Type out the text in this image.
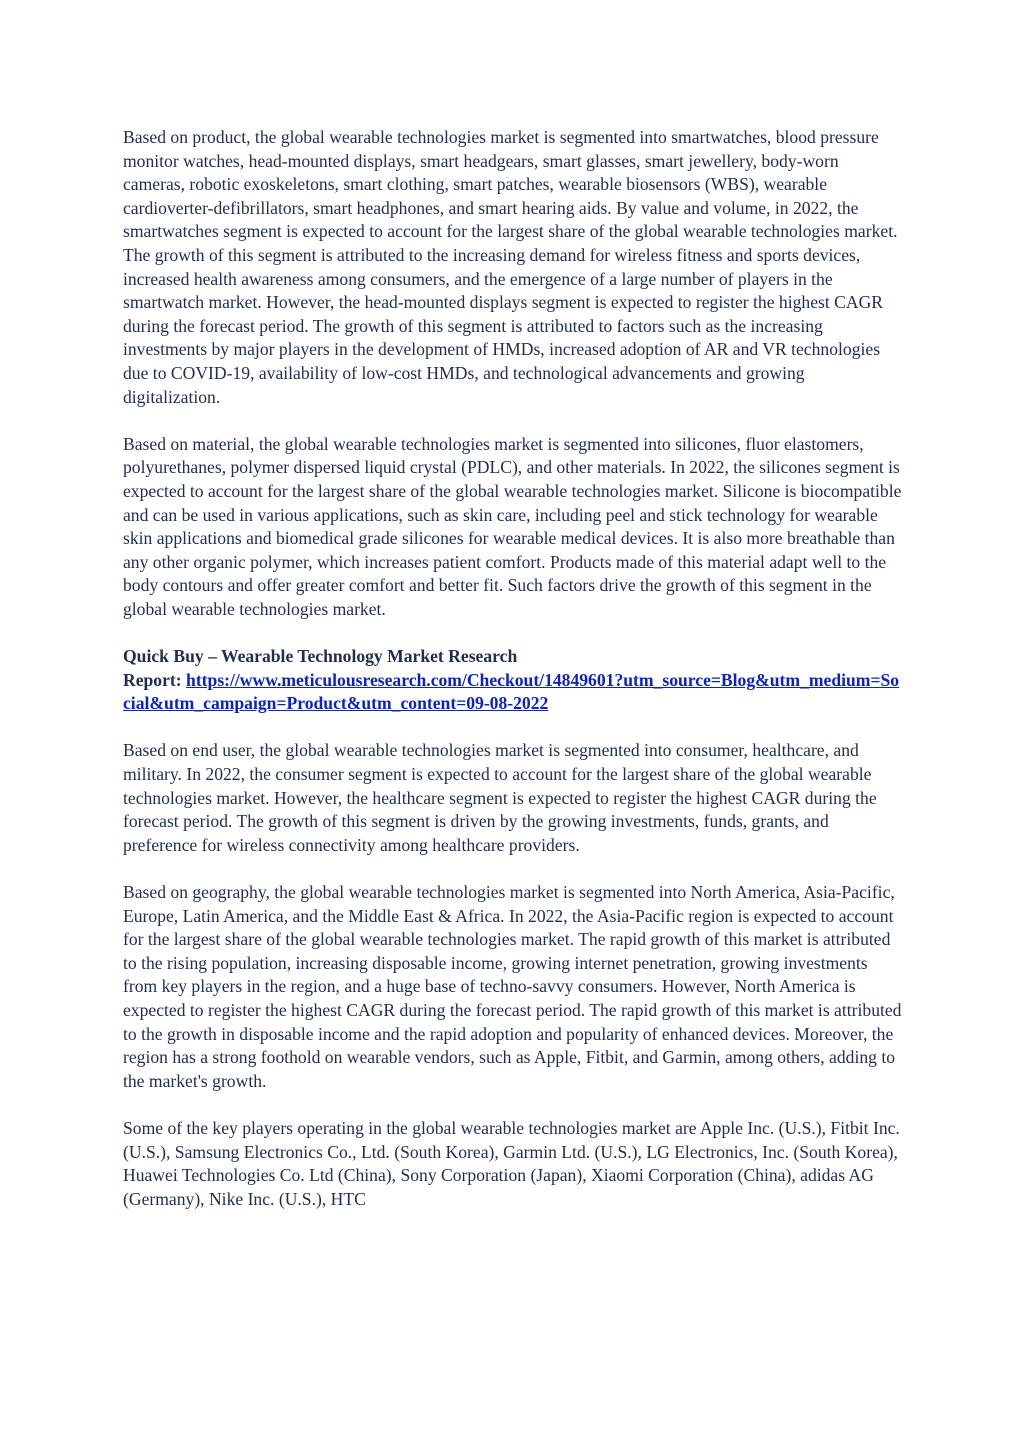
Based on product, the global wearable technologies market is segmented into smartwatches, blood pressure monitor watches, head-mounted displays, smart headgears, smart glasses, smart jewellery, body-worn cameras, robotic exoskeletons, smart clothing, smart patches, wearable biosensors (WBS), wearable cardioverter-defibrillators, smart headphones, and smart hearing aids. By value and volume, in 2022, the smartwatches segment is expected to account for the largest share of the global wearable technologies market. The growth of this segment is attributed to the increasing demand for wireless fitness and sports devices, increased health awareness among consumers, and the emergence of a large number of players in the smartwatch market. However, the head-mounted displays segment is expected to register the highest CAGR during the forecast period. The growth of this segment is attributed to factors such as the increasing investments by major players in the development of HMDs, increased adoption of AR and VR technologies due to COVID-19, availability of low-cost HMDs, and technological advancements and growing digitalization.

Based on material, the global wearable technologies market is segmented into silicones, fluor elastomers, polyurethanes, polymer dispersed liquid crystal (PDLC), and other materials. In 2022, the silicones segment is expected to account for the largest share of the global wearable technologies market. Silicone is biocompatible and can be used in various applications, such as skin care, including peel and stick technology for wearable skin applications and biomedical grade silicones for wearable medical devices. It is also more breathable than any other organic polymer, which increases patient comfort. Products made of this material adapt well to the body contours and offer greater comfort and better fit. Such factors drive the growth of this segment in the global wearable technologies market.

Quick Buy – Wearable Technology Market Research
Report: https://www.meticulousresearch.com/Checkout/14849601?utm_source=Blog&utm_medium=Social&utm_campaign=Product&utm_content=09-08-2022

Based on end user, the global wearable technologies market is segmented into consumer, healthcare, and military. In 2022, the consumer segment is expected to account for the largest share of the global wearable technologies market. However, the healthcare segment is expected to register the highest CAGR during the forecast period. The growth of this segment is driven by the growing investments, funds, grants, and preference for wireless connectivity among healthcare providers.

Based on geography, the global wearable technologies market is segmented into North America, Asia-Pacific, Europe, Latin America, and the Middle East & Africa. In 2022, the Asia-Pacific region is expected to account for the largest share of the global wearable technologies market. The rapid growth of this market is attributed to the rising population, increasing disposable income, growing internet penetration, growing investments from key players in the region, and a huge base of techno-savvy consumers. However, North America is expected to register the highest CAGR during the forecast period. The rapid growth of this market is attributed to the growth in disposable income and the rapid adoption and popularity of enhanced devices. Moreover, the region has a strong foothold on wearable vendors, such as Apple, Fitbit, and Garmin, among others, adding to the market's growth.

Some of the key players operating in the global wearable technologies market are Apple Inc. (U.S.), Fitbit Inc. (U.S.), Samsung Electronics Co., Ltd. (South Korea), Garmin Ltd. (U.S.), LG Electronics, Inc. (South Korea), Huawei Technologies Co. Ltd (China), Sony Corporation (Japan), Xiaomi Corporation (China), adidas AG (Germany), Nike Inc. (U.S.), HTC
